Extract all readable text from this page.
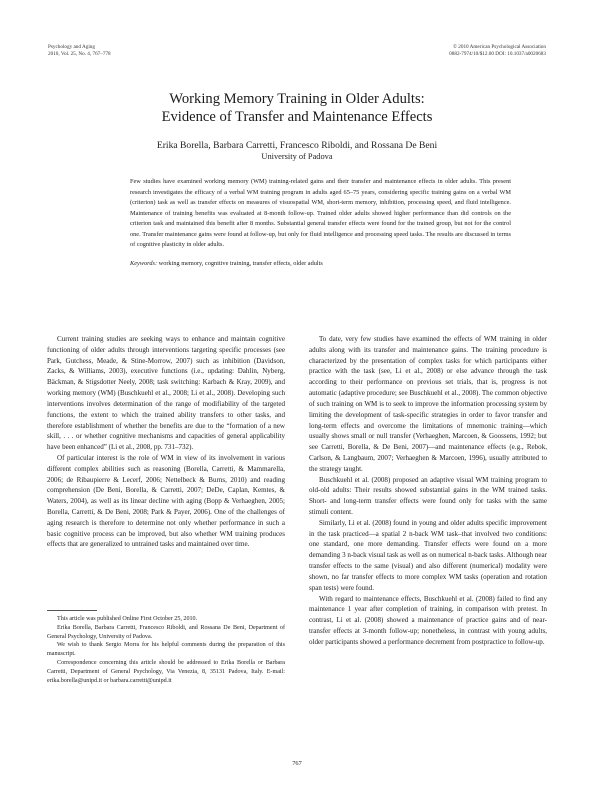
Psychology and Aging
2010, Vol. 25, No. 4, 767–778
© 2010 American Psychological Association
0882-7974/10/$12.00 DOI: 10.1037/a0020683
Working Memory Training in Older Adults:
Evidence of Transfer and Maintenance Effects
Erika Borella, Barbara Carretti, Francesco Riboldi, and Rossana De Beni
University of Padova
Few studies have examined working memory (WM) training-related gains and their transfer and maintenance effects in older adults. This present research investigates the efficacy of a verbal WM training program in adults aged 65–75 years, considering specific training gains on a verbal WM (criterion) task as well as transfer effects on measures of visuospatial WM, short-term memory, inhibition, processing speed, and fluid intelligence. Maintenance of training benefits was evaluated at 8-month follow-up. Trained older adults showed higher performance than did controls on the criterion task and maintained this benefit after 8 months. Substantial general transfer effects were found for the trained group, but not for the control one. Transfer maintenance gains were found at follow-up, but only for fluid intelligence and processing speed tasks. The results are discussed in terms of cognitive plasticity in older adults.
Keywords: working memory, cognitive training, transfer effects, older adults

Current training studies are seeking ways to enhance and maintain cognitive functioning of older adults through interventions targeting specific processes (see Park, Gutchess, Meade, & Stine-Morrow, 2007) such as inhibition (Davidson, Zacks, & Williams, 2003), executive functions (i.e., updating: Dahlin, Nyberg, Bäckman, & Stigsdotter Neely, 2008; task switching: Karbach & Kray, 2009), and working memory (WM) (Buschkuehl et al., 2008; Li et al., 2008). Developing such interventions involves determination of the range of modifiability of the targeted functions, the extent to which the trained ability transfers to other tasks, and therefore establishment of whether the benefits are due to the “formation of a new skill, . . . or whether cognitive mechanisms and capacities of general applicability have been enhanced” (Li et al., 2008, pp. 731–732).

Of particular interest is the role of WM in view of its involvement in various different complex abilities such as reasoning (Borella, Carretti, & Mammarella, 2006; de Ribaupierre & Lecerf, 2006; Nettelbeck & Burns, 2010) and reading comprehension (De Beni, Borella, & Carretti, 2007; DeDe, Caplan, Kemtes, & Waters, 2004), as well as its linear decline with aging (Bopp & Verhaeghen, 2005; Borella, Carretti, & De Beni, 2008; Park & Payer, 2006). One of the challenges of aging research is therefore to determine not only whether performance in such a basic cognitive process can be improved, but also whether WM training produces effects that are generalized to untrained tasks and maintained over time.

To date, very few studies have examined the effects of WM training in older adults along with its transfer and maintenance gains. The training procedure is characterized by the presentation of complex tasks for which participants either practice with the task (see, Li et al., 2008) or else advance through the task according to their performance on previous set trials, that is, progress is not automatic (adaptive procedure; see Buschkuehl et al., 2008). The common objective of such training on WM is to seek to improve the information processing system by limiting the development of task-specific strategies in order to favor transfer and long-term effects and overcome the limitations of mnemonic training—which usually shows small or null transfer (Verhaeghen, Marcoen, & Goossens, 1992; but see Carretti, Borella, & De Beni, 2007)—and maintenance effects (e.g., Rebok, Carlson, & Langbaum, 2007; Verhaeghen & Marcoen, 1996), usually attributed to the strategy taught.

Buschkuehl et al. (2008) proposed an adaptive visual WM training program to old-old adults: Their results showed substantial gains in the WM trained tasks. Short- and long-term transfer effects were found only for tasks with the same stimuli content.

Similarly, Li et al. (2008) found in young and older adults specific improvement in the task practiced—a spatial 2 n-back WM task–that involved two conditions: one standard, one more demanding. Transfer effects were found on a more demanding 3 n-back visual task as well as on numerical n-back tasks. Although near transfer effects to the same (visual) and also different (numerical) modality were shown, no far transfer effects to more complex WM tasks (operation and rotation span tests) were found.

With regard to maintenance effects, Buschkuehl et al. (2008) failed to find any maintenance 1 year after completion of training, in comparison with pretest. In contrast, Li et al. (2008) showed a maintenance of practice gains and of near-transfer effects at 3-month follow-up; nonetheless, in contrast with young adults, older participants showed a performance decrement from postpractice to follow-up.

This article was published Online First October 25, 2010.

Erika Borella, Barbara Carretti, Francesco Riboldi, and Rossana De Beni, Department of General Psychology, University of Padova.

We wish to thank Sergio Morra for his helpful comments during the preparation of this manuscript.

Correspondence concerning this article should be addressed to Erika Borella or Barbara Carretti, Department of General Psychology, Via Venezia, 8, 35131 Padova, Italy. E-mail: erika.borella@unipd.it or barbara.carretti@unipd.it

767
